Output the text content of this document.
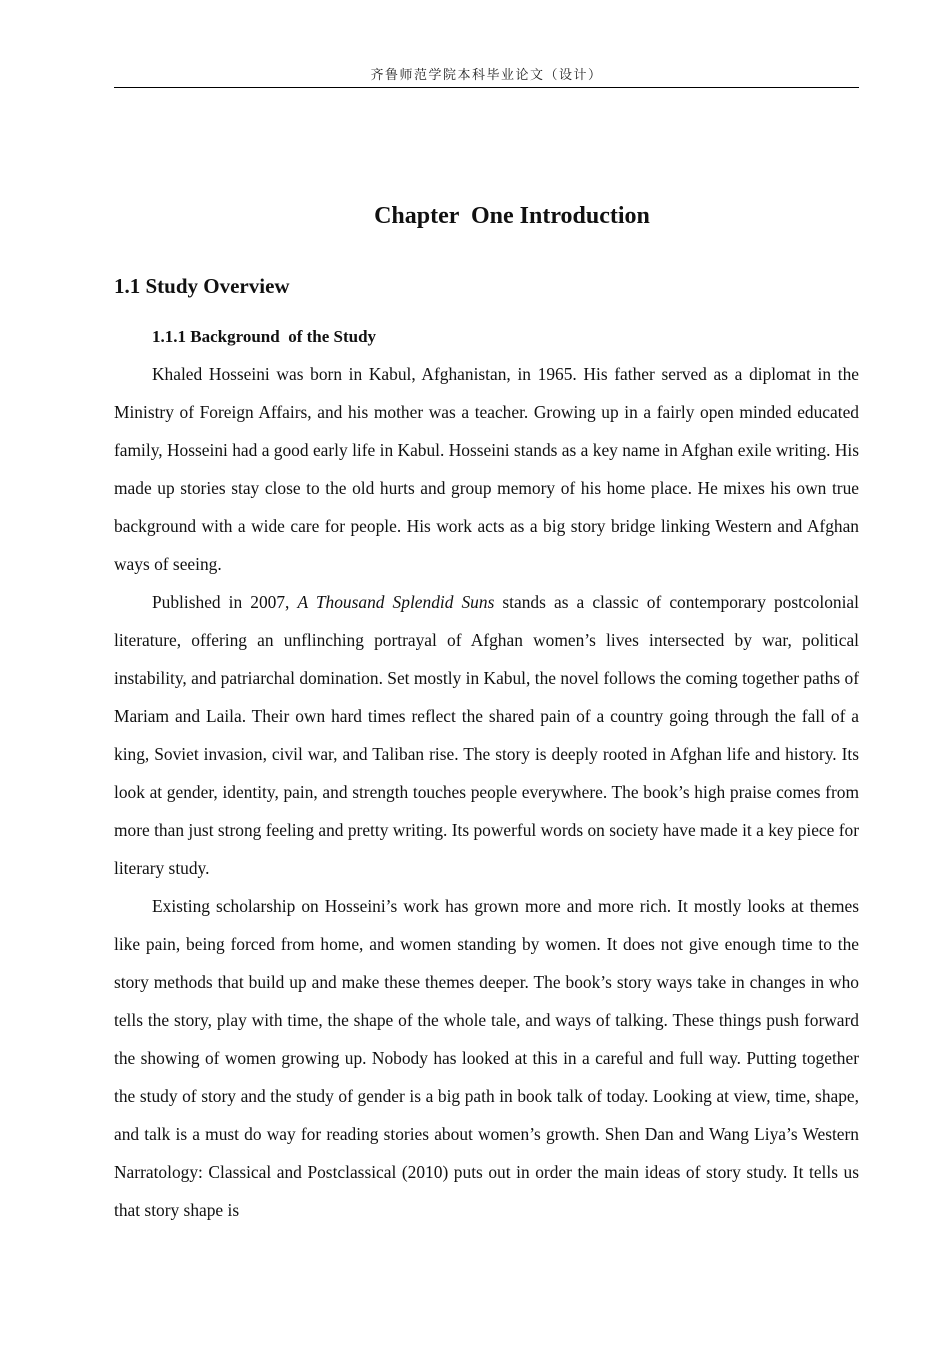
齐鲁师范学院本科毕业论文（设计）
Chapter  One Introduction
1.1 Study Overview
1.1.1 Background  of the Study

Khaled Hosseini was born in Kabul, Afghanistan, in 1965. His father served as a diplomat in the Ministry of Foreign Affairs, and his mother was a teacher. Growing up in a fairly open minded educated family, Hosseini had a good early life in Kabul. Hosseini stands as a key name in Afghan exile writing. His made up stories stay close to the old hurts and group memory of his home place. He mixes his own true background with a wide care for people. His work acts as a big story bridge linking Western and Afghan ways of seeing.

Published in 2007, A Thousand Splendid Suns stands as a classic of contemporary postcolonial literature, offering an unflinching portrayal of Afghan women’s lives intersected by war, political instability, and patriarchal domination. Set mostly in Kabul, the novel follows the coming together paths of Mariam and Laila. Their own hard times reflect the shared pain of a country going through the fall of a king, Soviet invasion, civil war, and Taliban rise. The story is deeply rooted in Afghan life and history. Its look at gender, identity, pain, and strength touches people everywhere. The book’s high praise comes from more than just strong feeling and pretty writing. Its powerful words on society have made it a key piece for literary study.

Existing scholarship on Hosseini’s work has grown more and more rich. It mostly looks at themes like pain, being forced from home, and women standing by women. It does not give enough time to the story methods that build up and make these themes deeper. The book’s story ways take in changes in who tells the story, play with time, the shape of the whole tale, and ways of talking. These things push forward the showing of women growing up. Nobody has looked at this in a careful and full way. Putting together the study of story and the study of gender is a big path in book talk of today. Looking at view, time, shape, and talk is a must do way for reading stories about women’s growth. Shen Dan and Wang Liya’s Western Narratology: Classical and Postclassical (2010) puts out in order the main ideas of story study. It tells us that story shape is
